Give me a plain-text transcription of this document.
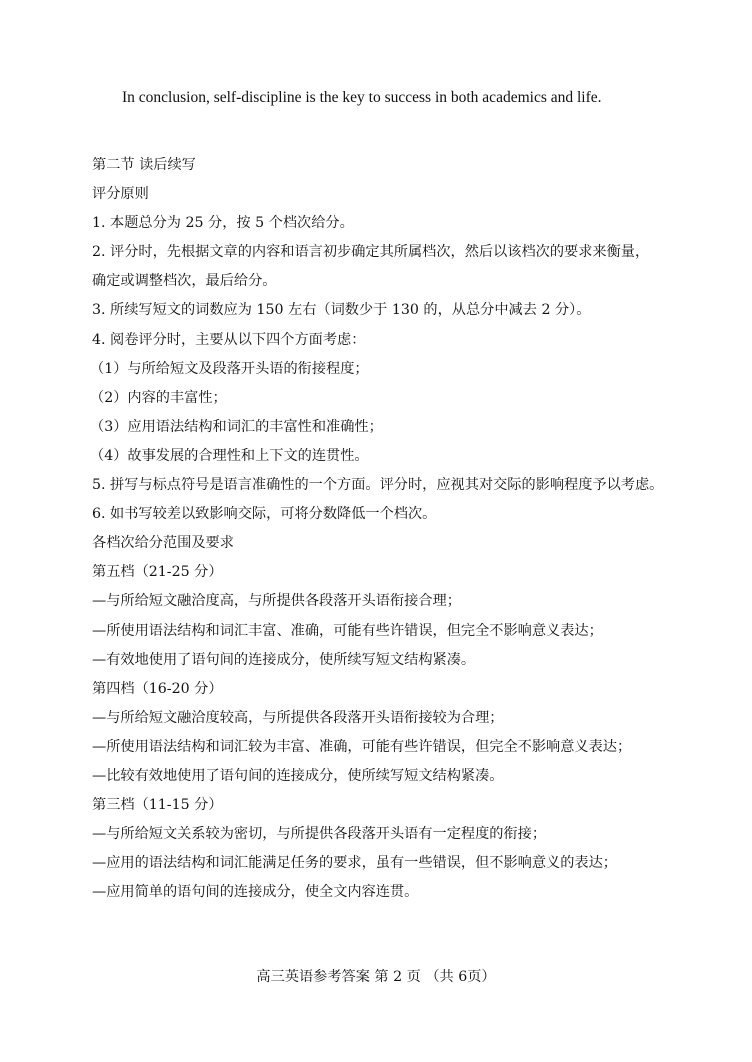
In conclusion, self-discipline is the key to success in both academics and life.
第二节 读后续写
评分原则
1. 本题总分为 25 分，按 5 个档次给分。
2. 评分时，先根据文章的内容和语言初步确定其所属档次，然后以该档次的要求来衡量，
确定或调整档次，最后给分。
3. 所续写短文的词数应为 150 左右（词数少于 130 的，从总分中减去 2 分）。
4. 阅卷评分时，主要从以下四个方面考虑：
（1）与所给短文及段落开头语的衔接程度；
（2）内容的丰富性；
（3）应用语法结构和词汇的丰富性和准确性；
（4）故事发展的合理性和上下文的连贯性。
5. 拼写与标点符号是语言准确性的一个方面。评分时，应视其对交际的影响程度予以考虑。
6. 如书写较差以致影响交际，可将分数降低一个档次。
各档次给分范围及要求
第五档（21-25 分）
—与所给短文融洽度高，与所提供各段落开头语衔接合理；
—所使用语法结构和词汇丰富、准确，可能有些许错误，但完全不影响意义表达；
—有效地使用了语句间的连接成分，使所续写短文结构紧凑。
第四档（16-20 分）
—与所给短文融洽度较高，与所提供各段落开头语衔接较为合理；
—所使用语法结构和词汇较为丰富、准确，可能有些许错误，但完全不影响意义表达；
—比较有效地使用了语句间的连接成分，使所续写短文结构紧凑。
第三档（11-15 分）
—与所给短文关系较为密切，与所提供各段落开头语有一定程度的衔接；
—应用的语法结构和词汇能满足任务的要求，虽有一些错误，但不影响意义的表达；
—应用简单的语句间的连接成分，使全文内容连贯。
高三英语参考答案 第 2 页 （共 6页）
